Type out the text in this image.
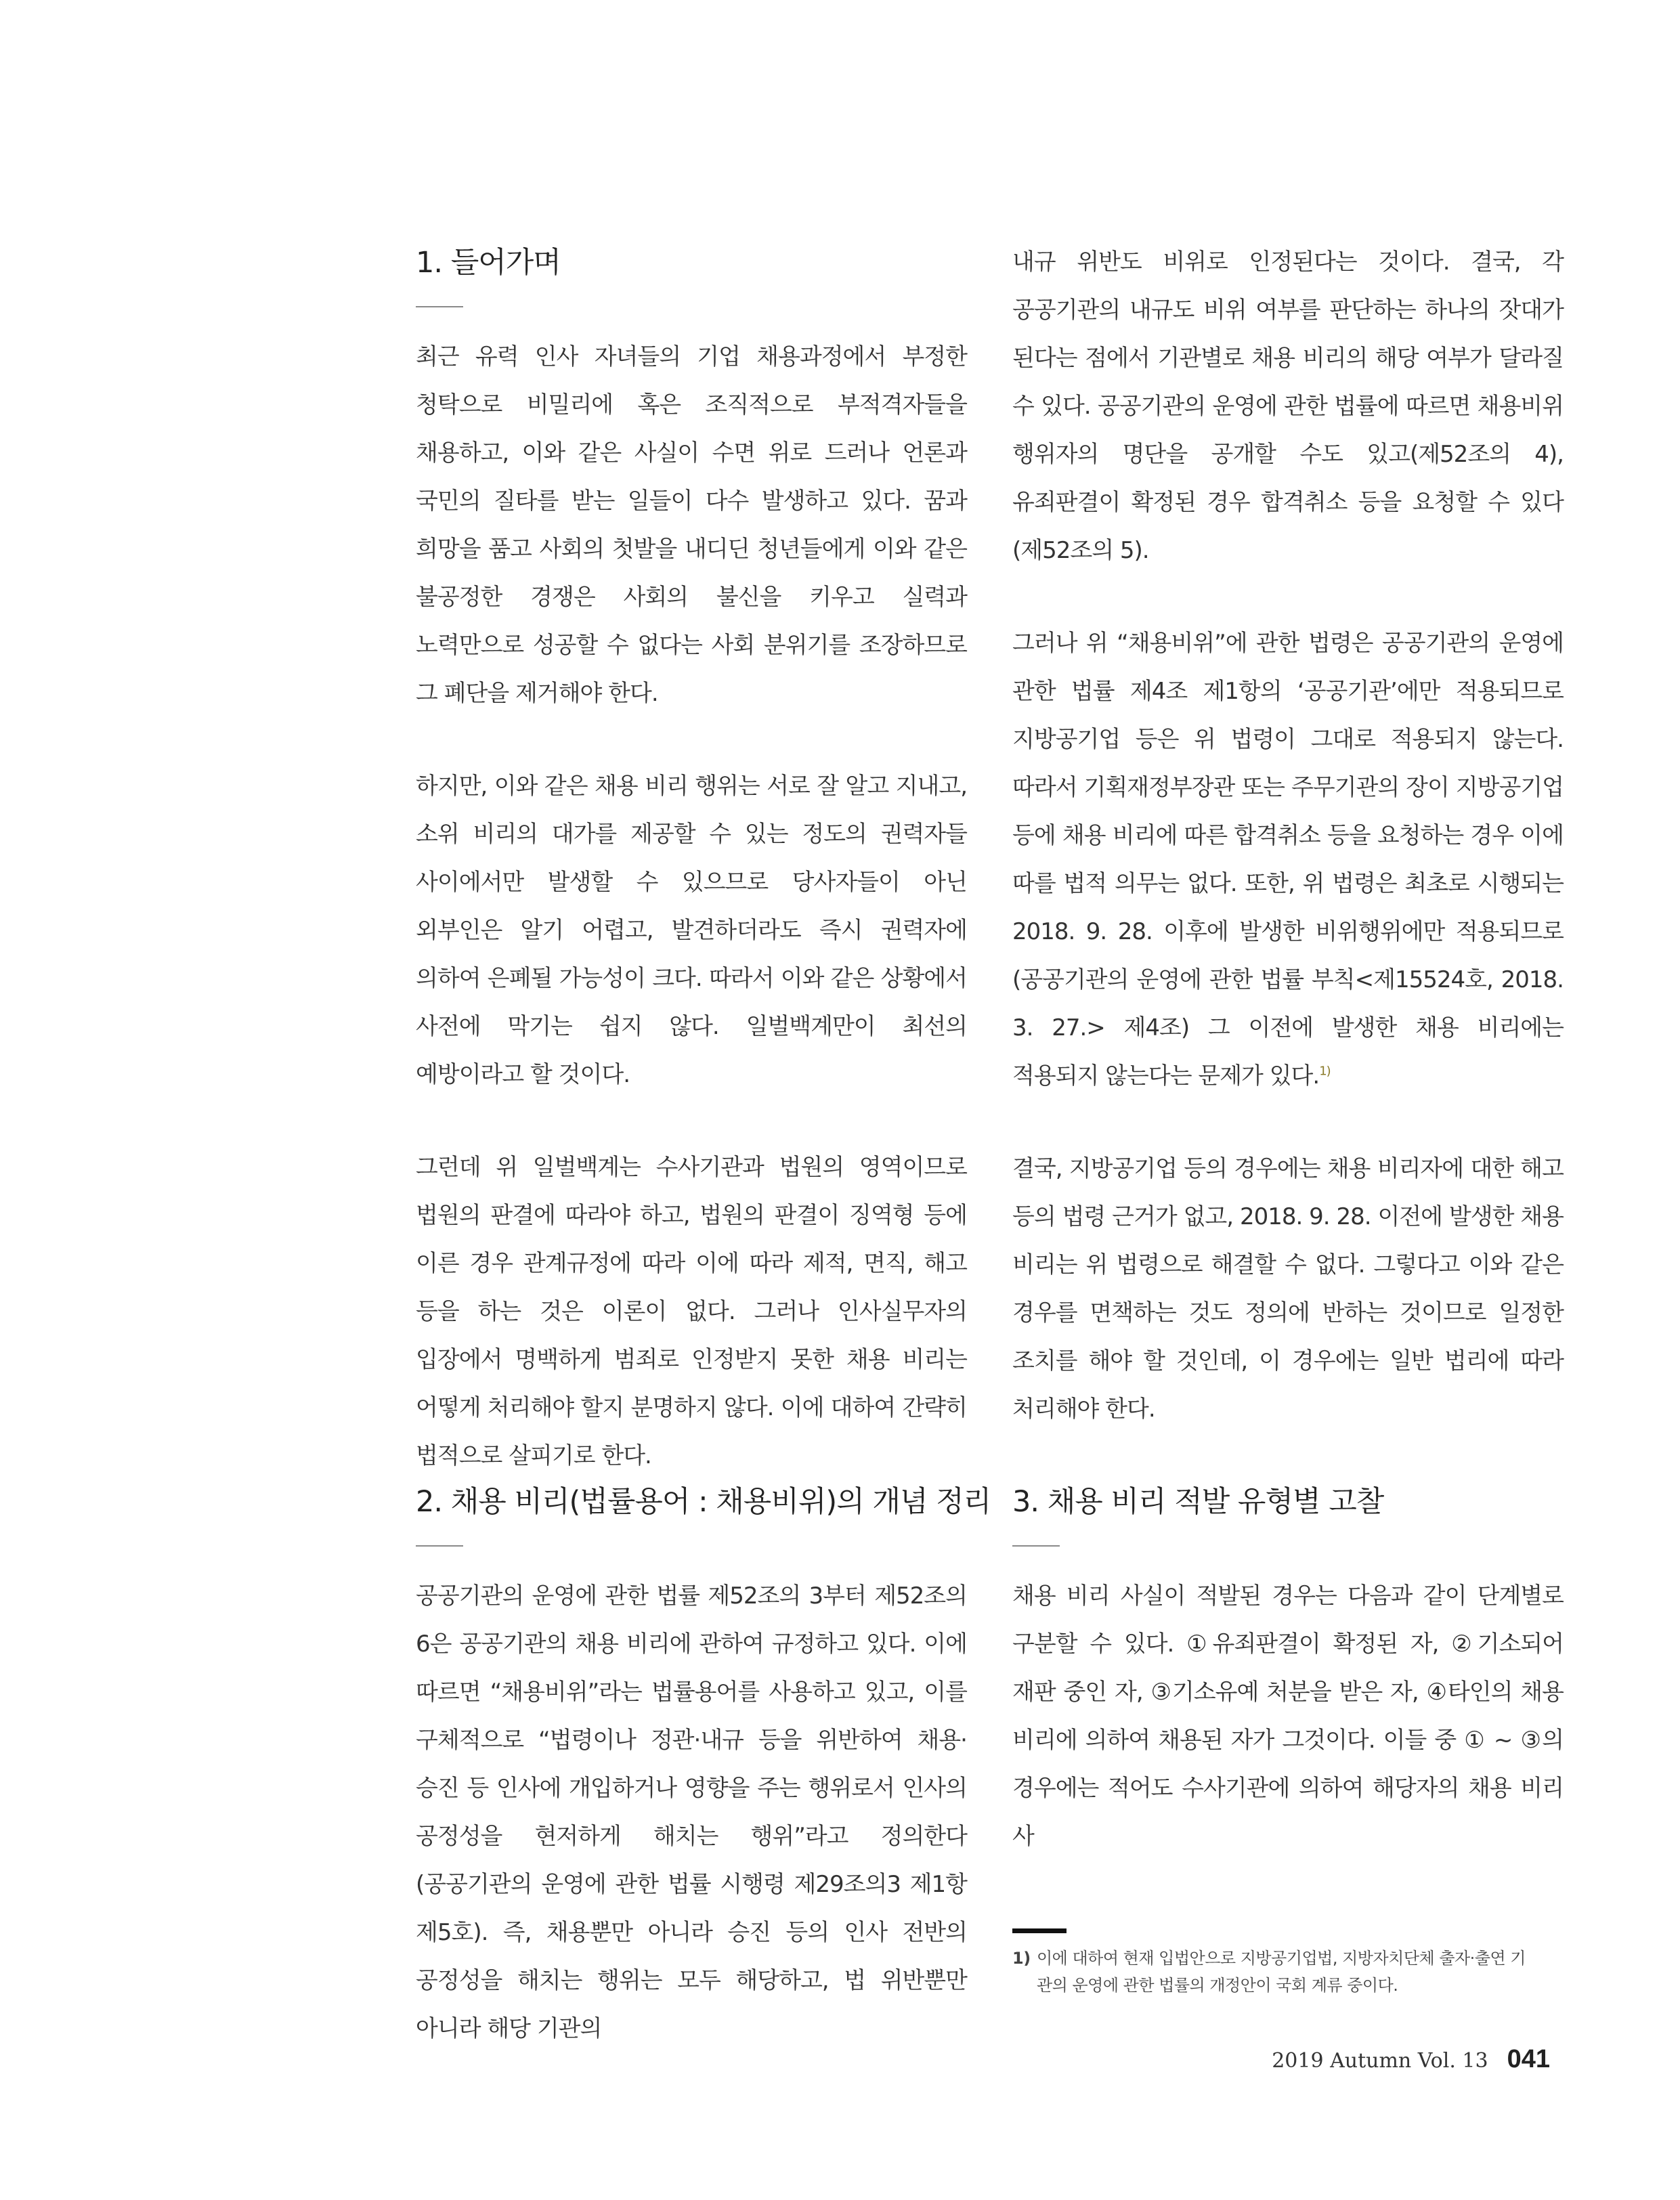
1. 들어가며

최근 유력 인사 자녀들의 기업 채용과정에서 부정한 청탁으로 비밀리에 혹은 조직적으로 부적격자들을 채용하고, 이와 같은 사실이 수면 위로 드러나 언론과 국민의 질타를 받는 일들이 다수 발생하고 있다. 꿈과 희망을 품고 사회의 첫발을 내디딘 청년들에게 이와 같은 불공정한 경쟁은 사회의 불신을 키우고 실력과 노력만으로 성공할 수 없다는 사회 분위기를 조장하므로 그 폐단을 제거해야 한다.

하지만, 이와 같은 채용 비리 행위는 서로 잘 알고 지내고, 소위 비리의 대가를 제공할 수 있는 정도의 권력자들 사이에서만 발생할 수 있으므로 당사자들이 아닌 외부인은 알기 어렵고, 발견하더라도 즉시 권력자에 의하여 은폐될 가능성이 크다. 따라서 이와 같은 상황에서 사전에 막기는 쉽지 않다. 일벌백계만이 최선의 예방이라고 할 것이다.

그런데 위 일벌백계는 수사기관과 법원의 영역이므로 법원의 판결에 따라야 하고, 법원의 판결이 징역형 등에 이른 경우 관계규정에 따라 이에 따라 제적, 면직, 해고 등을 하는 것은 이론이 없다. 그러나 인사실무자의 입장에서 명백하게 범죄로 인정받지 못한 채용 비리는 어떻게 처리해야 할지 분명하지 않다. 이에 대하여 간략히 법적으로 살피기로 한다.

내규 위반도 비위로 인정된다는 것이다. 결국, 각 공공기관의 내규도 비위 여부를 판단하는 하나의 잣대가 된다는 점에서 기관별로 채용 비리의 해당 여부가 달라질 수 있다. 공공기관의 운영에 관한 법률에 따르면 채용비위 행위자의 명단을 공개할 수도 있고(제52조의 4), 유죄판결이 확정된 경우 합격취소 등을 요청할 수 있다(제52조의 5).

그러나 위 “채용비위”에 관한 법령은 공공기관의 운영에 관한 법률 제4조 제1항의 ‘공공기관’에만 적용되므로 지방공기업 등은 위 법령이 그대로 적용되지 않는다. 따라서 기획재정부장관 또는 주무기관의 장이 지방공기업 등에 채용 비리에 따른 합격취소 등을 요청하는 경우 이에 따를 법적 의무는 없다. 또한, 위 법령은 최초로 시행되는 2018. 9. 28. 이후에 발생한 비위행위에만 적용되므로(공공기관의 운영에 관한 법률 부칙<제15524호, 2018. 3. 27.> 제4조) 그 이전에 발생한 채용 비리에는 적용되지 않는다는 문제가 있다.$^{1)}$

결국, 지방공기업 등의 경우에는 채용 비리자에 대한 해고 등의 법령 근거가 없고, 2018. 9. 28. 이전에 발생한 채용 비리는 위 법령으로 해결할 수 없다. 그렇다고 이와 같은 경우를 면책하는 것도 정의에 반하는 것이므로 일정한 조치를 해야 할 것인데, 이 경우에는 일반 법리에 따라 처리해야 한다.

2. 채용 비리(법률용어 : 채용비위)의 개념 정리

공공기관의 운영에 관한 법률 제52조의 3부터 제52조의 6은 공공기관의 채용 비리에 관하여 규정하고 있다. 이에 따르면 “채용비위”라는 법률용어를 사용하고 있고, 이를 구체적으로 “법령이나 정관·내규 등을 위반하여 채용·승진 등 인사에 개입하거나 영향을 주는 행위로서 인사의 공정성을 현저하게 해치는 행위”라고 정의한다(공공기관의 운영에 관한 법률 시행령 제29조의3 제1항 제5호). 즉, 채용뿐만 아니라 승진 등의 인사 전반의 공정성을 해치는 행위는 모두 해당하고, 법 위반뿐만 아니라 해당 기관의

3. 채용 비리 적발 유형별 고찰

채용 비리 사실이 적발된 경우는 다음과 같이 단계별로 구분할 수 있다. ①유죄판결이 확정된 자, ②기소되어 재판 중인 자, ③기소유예 처분을 받은 자, ④타인의 채용 비리에 의하여 채용된 자가 그것이다. 이들 중 ① ~ ③의 경우에는 적어도 수사기관에 의하여 해당자의 채용 비리 사

1) 이에 대하여 현재 입법안으로 지방공기업법, 지방자치단체 출자·출연 기
관의 운영에 관한 법률의 개정안이 국회 계류 중이다.
2019 Autumn Vol. 13 041
